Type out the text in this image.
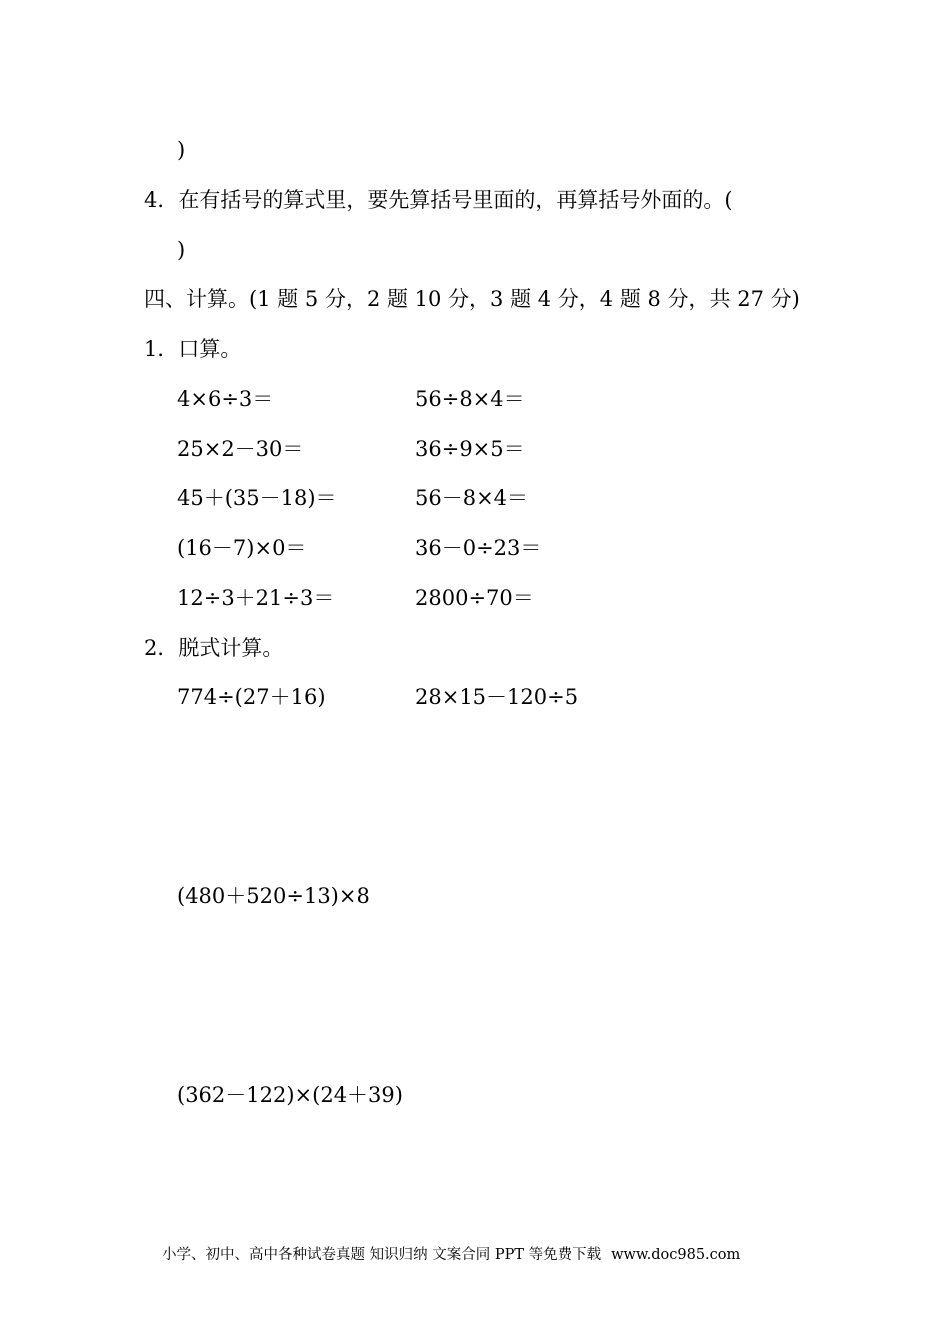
)
4．在有括号的算式里，要先算括号里面的，再算括号外面的。(
)
四、计算。(1 题 5 分，2 题 10 分，3 题 4 分，4 题 8 分，共 27 分)
1．口算。
4×6÷3＝	56÷8×4＝
25×2－30＝	36÷9×5＝
45＋(35－18)＝	56－8×4＝
(16－7)×0＝	36－0÷23＝
12÷3＋21÷3＝	2800÷70＝
2．脱式计算。
774÷(27＋16)	28×15－120÷5
(480＋520÷13)×8
(362－122)×(24＋39)
小学、初中、高中各种试卷真题 知识归纳 文案合同 PPT 等免费下载 www.doc985.com
